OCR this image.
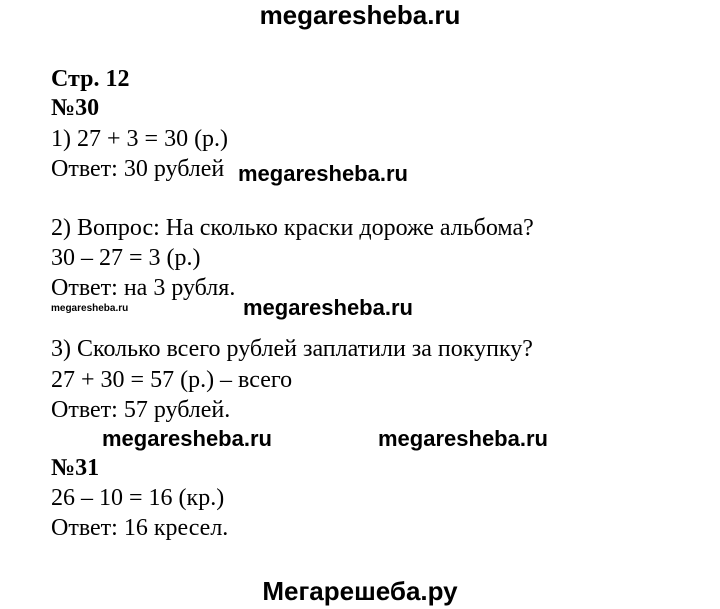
megaresheba.ru
Стр. 12
№30
1) 27 + 3 = 30 (р.)
Ответ: 30 рублей megaresheba.ru
2) Вопрос: На сколько краски дороже альбома?
30 – 27 = 3 (р.)
Ответ: на 3 рубля.
megaresheba.ru	megaresheba.ru
3) Сколько всего рублей заплатили за покупку?
27 + 30 = 57 (р.) – всего
Ответ: 57 рублей.
megaresheba.ru	megaresheba.ru
№31
26 – 10 = 16 (кр.)
Ответ: 16 кресел.
Мегарешеба.ру
